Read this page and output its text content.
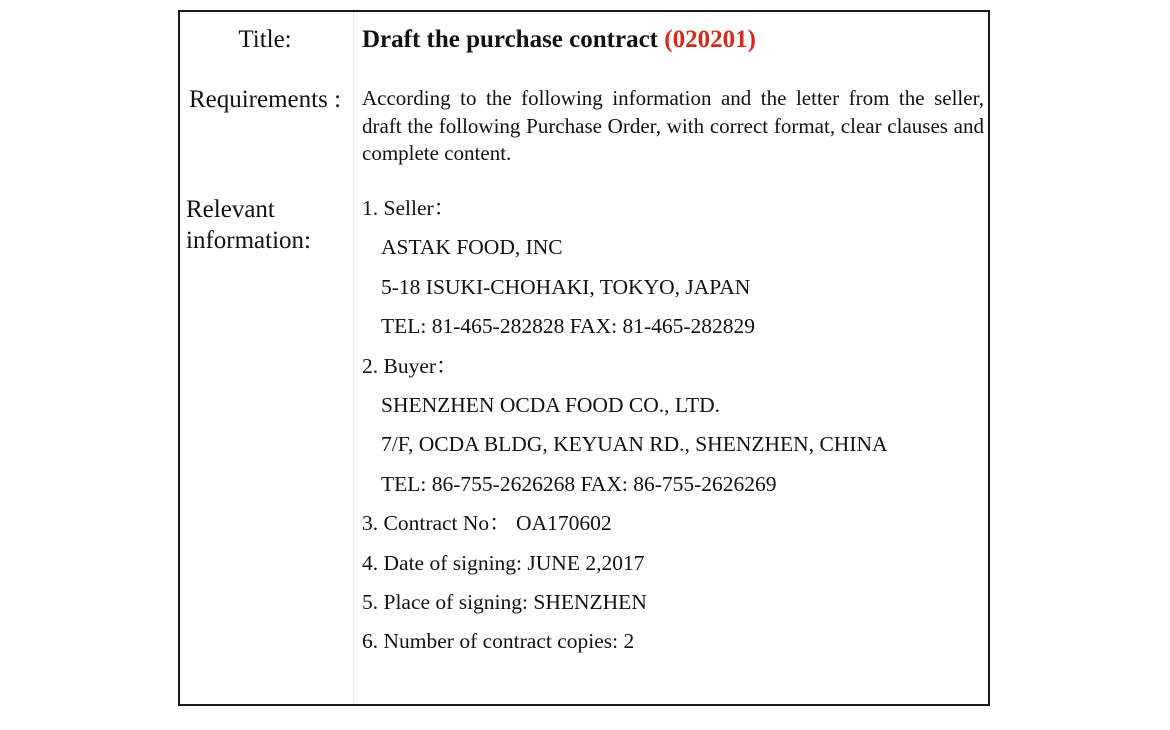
Title:
Requirements :
Relevant information:
Draft the purchase contract (020201)
According to the following information and the letter from the seller, draft the following Purchase Order, with correct format, clear clauses and complete content.
1. Seller：
ASTAK FOOD, INC
5-18 ISUKI-CHOHAKI, TOKYO, JAPAN
TEL: 81-465-282828 FAX: 81-465-282829
2. Buyer：
SHENZHEN OCDA FOOD CO., LTD.
7/F, OCDA BLDG, KEYUAN RD., SHENZHEN, CHINA
TEL: 86-755-2626268 FAX: 86-755-2626269
3. Contract No： OA170602
4. Date of signing: JUNE 2,2017
5. Place of signing: SHENZHEN
6. Number of contract copies: 2
